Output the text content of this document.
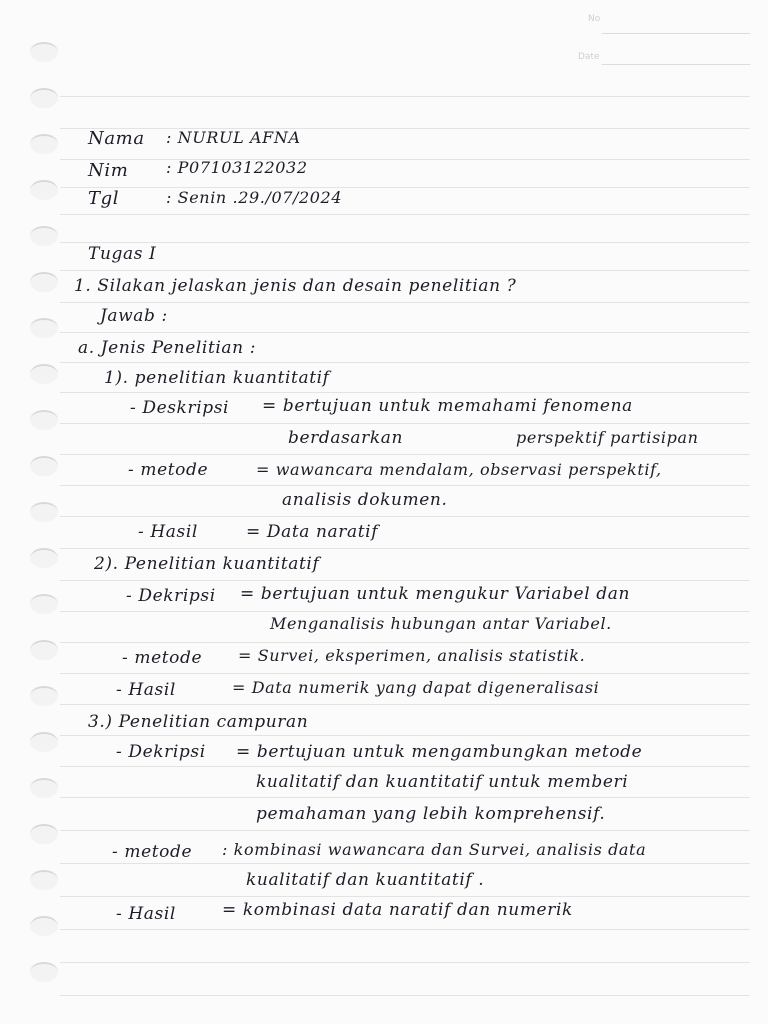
No
Date
Nama : NURUL AFNA
Nim : P07103122032
Tgl	: Senin .29./07/2024
Tugas I
1. Silakan jelaskan jenis dan desain penelitian ?
Jawab :
a. Jenis Penelitian :
1). penelitian kuantitatif
- Deskripsi = bertujuan untuk memahami fenomena
berdasarkan	perspektif partisipan
- metode	= wawancara mendalam, observasi perspektif,
analisis dokumen.
- Hasil	= Data naratif
2). Penelitian kuantitatif
- Dekripsi = bertujuan untuk mengukur Variabel dan
Menganalisis hubungan antar Variabel.
- metode = Survei, eksperimen, analisis statistik.
- Hasil	= Data numerik yang dapat digeneralisasi
3.) Penelitian campuran
- Dekripsi = bertujuan untuk mengambungkan metode
kualitatif dan kuantitatif untuk memberi
pemahaman yang lebih komprehensif.
- metode : kombinasi wawancara dan Survei, analisis data
kualitatif dan kuantitatif .
- Hasil	= kombinasi data naratif dan numerik
